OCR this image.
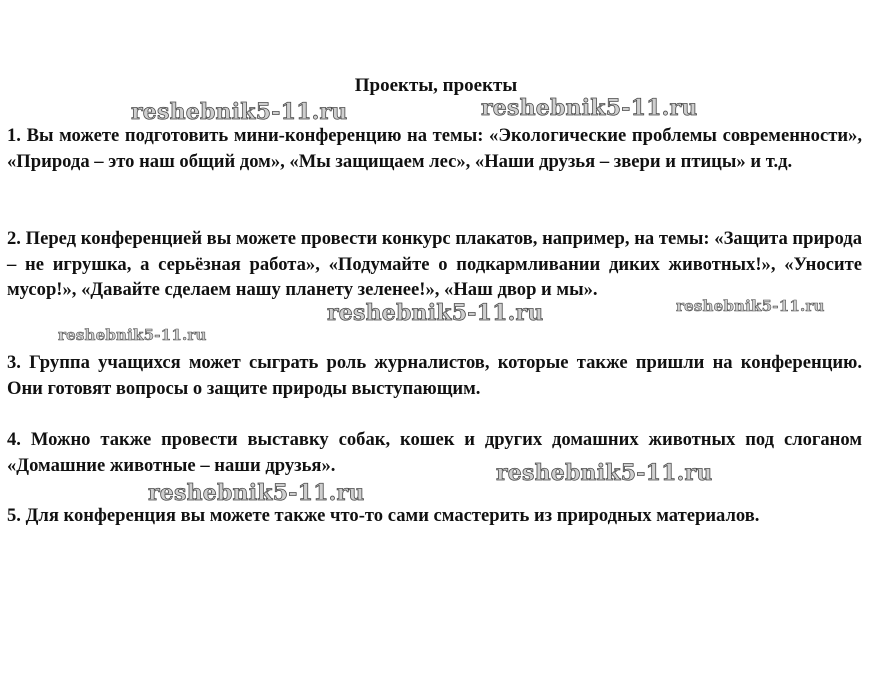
Проекты, проекты

1. Вы можете подготовить мини-конференцию на темы: «Экологические проблемы современности», «Природа – это наш общий дом», «Мы защищаем лес», «Наши друзья – звери и птицы» и т.д.

2. Перед конференцией вы можете провести конкурс плакатов, например, на темы: «Защита природа – не игрушка, а серьёзная работа», «Подумайте о подкармливании диких животных!», «Уносите мусор!», «Давайте сделаем нашу планету зеленее!», «Наш двор и мы».

3. Группа учащихся может сыграть роль журналистов, которые также пришли на конференцию. Они готовят вопросы о защите природы выступающим.

4. Можно также провести выставку собак, кошек и других домашних животных под слоганом «Домашние животные – наши друзья».

5. Для конференция вы можете также что-то сами смастерить из природных материалов.

reshebnik5-11.ru	reshebnik5-11.ru
reshebnik5-11.ru	reshebnik5-11.ru
reshebnik5-11.ru
reshebnik5-11.ru
reshebnik5-11.ru
